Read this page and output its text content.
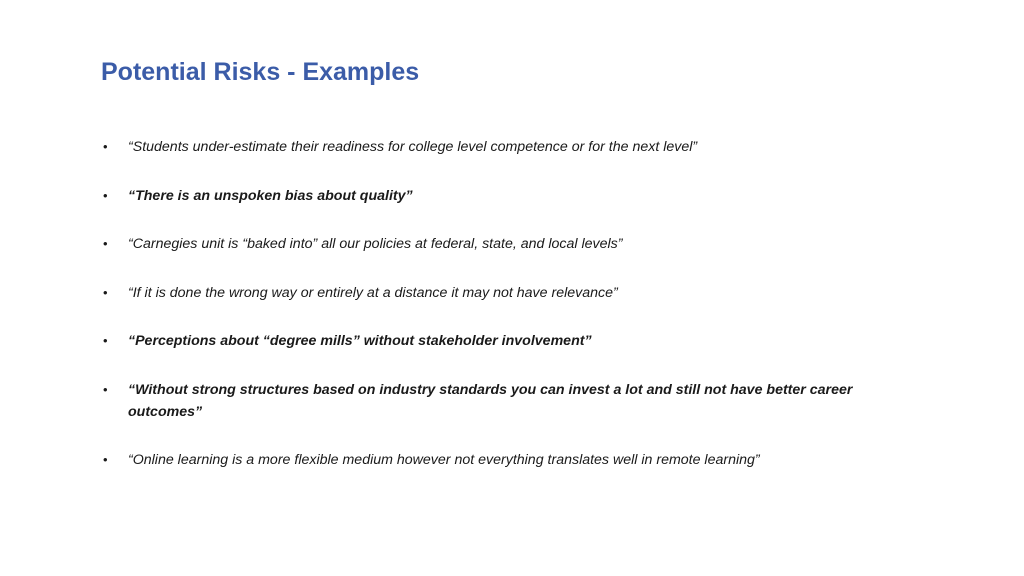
Potential Risks - Examples
• “Students under-estimate their readiness for college level competence or for the next level”
• “There is an unspoken bias about quality”
• “Carnegies unit is “baked into” all our policies at federal, state, and local levels”
• “If it is done the wrong way or entirely at a distance it may not have relevance”
• “Perceptions about “degree mills” without stakeholder involvement”
• “Without strong structures based on industry standards you can invest a lot and still not have better career outcomes”
• “Online learning is a more flexible medium however not everything translates well in remote learning”
